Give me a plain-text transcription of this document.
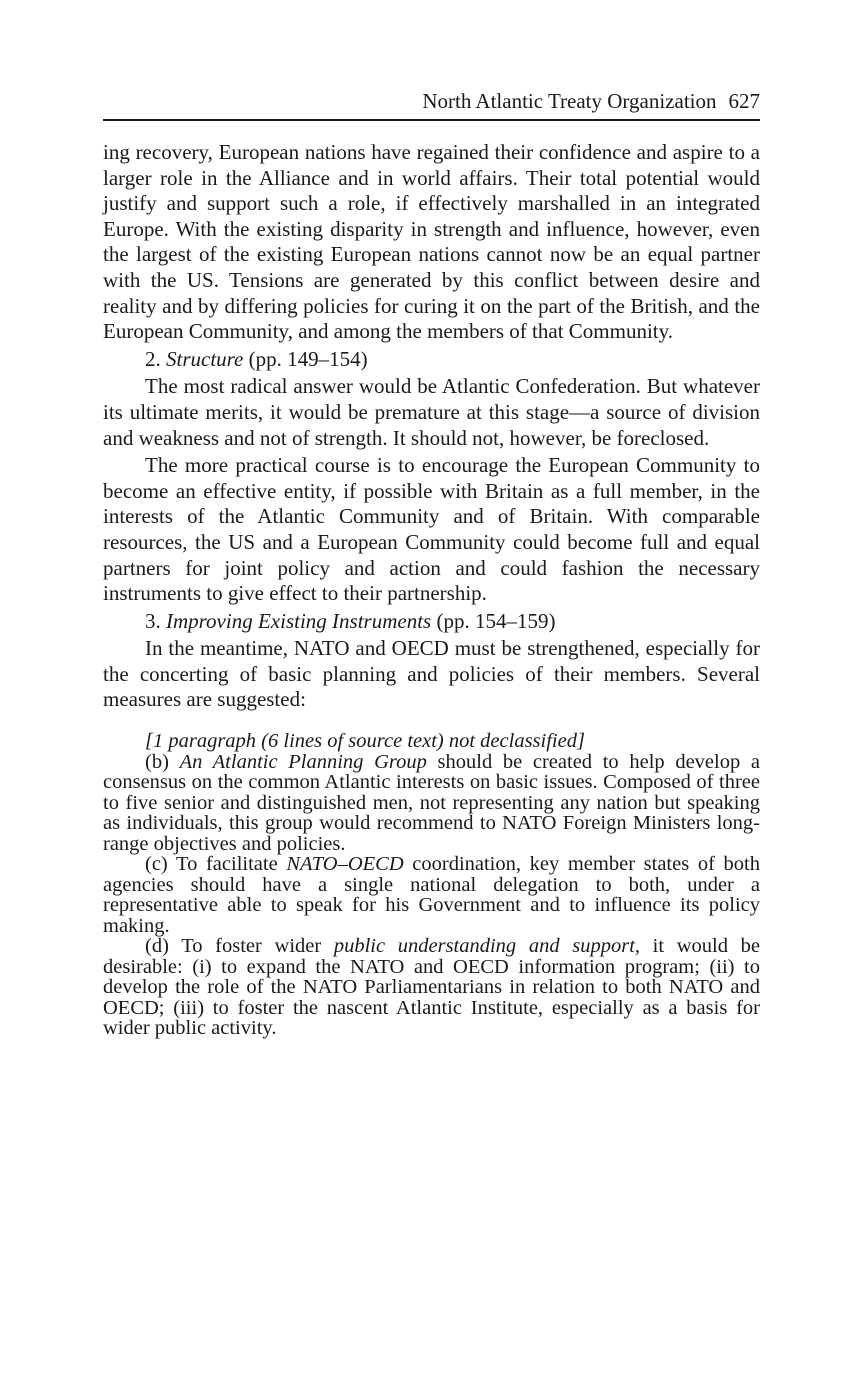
North Atlantic Treaty Organization 627

ing recovery, European nations have regained their confidence and aspire to a larger role in the Alliance and in world affairs. Their total potential would justify and support such a role, if effectively marshalled in an integrated Europe. With the existing disparity in strength and influence, however, even the largest of the existing European nations cannot now be an equal partner with the US. Tensions are generated by this conflict between desire and reality and by differing policies for curing it on the part of the British, and the European Community, and among the members of that Community.

2. Structure (pp. 149–154)

The most radical answer would be Atlantic Confederation. But whatever its ultimate merits, it would be premature at this stage—a source of division and weakness and not of strength. It should not, however, be foreclosed.

The more practical course is to encourage the European Community to become an effective entity, if possible with Britain as a full member, in the interests of the Atlantic Community and of Britain. With comparable resources, the US and a European Community could become full and equal partners for joint policy and action and could fashion the necessary instruments to give effect to their partnership.

3. Improving Existing Instruments (pp. 154–159)

In the meantime, NATO and OECD must be strengthened, especially for the concerting of basic planning and policies of their members. Several measures are suggested:

[1 paragraph (6 lines of source text) not declassified]

(b) An Atlantic Planning Group should be created to help develop a consensus on the common Atlantic interests on basic issues. Composed of three to five senior and distinguished men, not representing any nation but speaking as individuals, this group would recommend to NATO Foreign Ministers long-range objectives and policies.

(c) To facilitate NATO–OECD coordination, key member states of both agencies should have a single national delegation to both, under a representative able to speak for his Government and to influence its policy making.

(d) To foster wider public understanding and support, it would be desirable: (i) to expand the NATO and OECD information program; (ii) to develop the role of the NATO Parliamentarians in relation to both NATO and OECD; (iii) to foster the nascent Atlantic Institute, especially as a basis for wider public activity.
